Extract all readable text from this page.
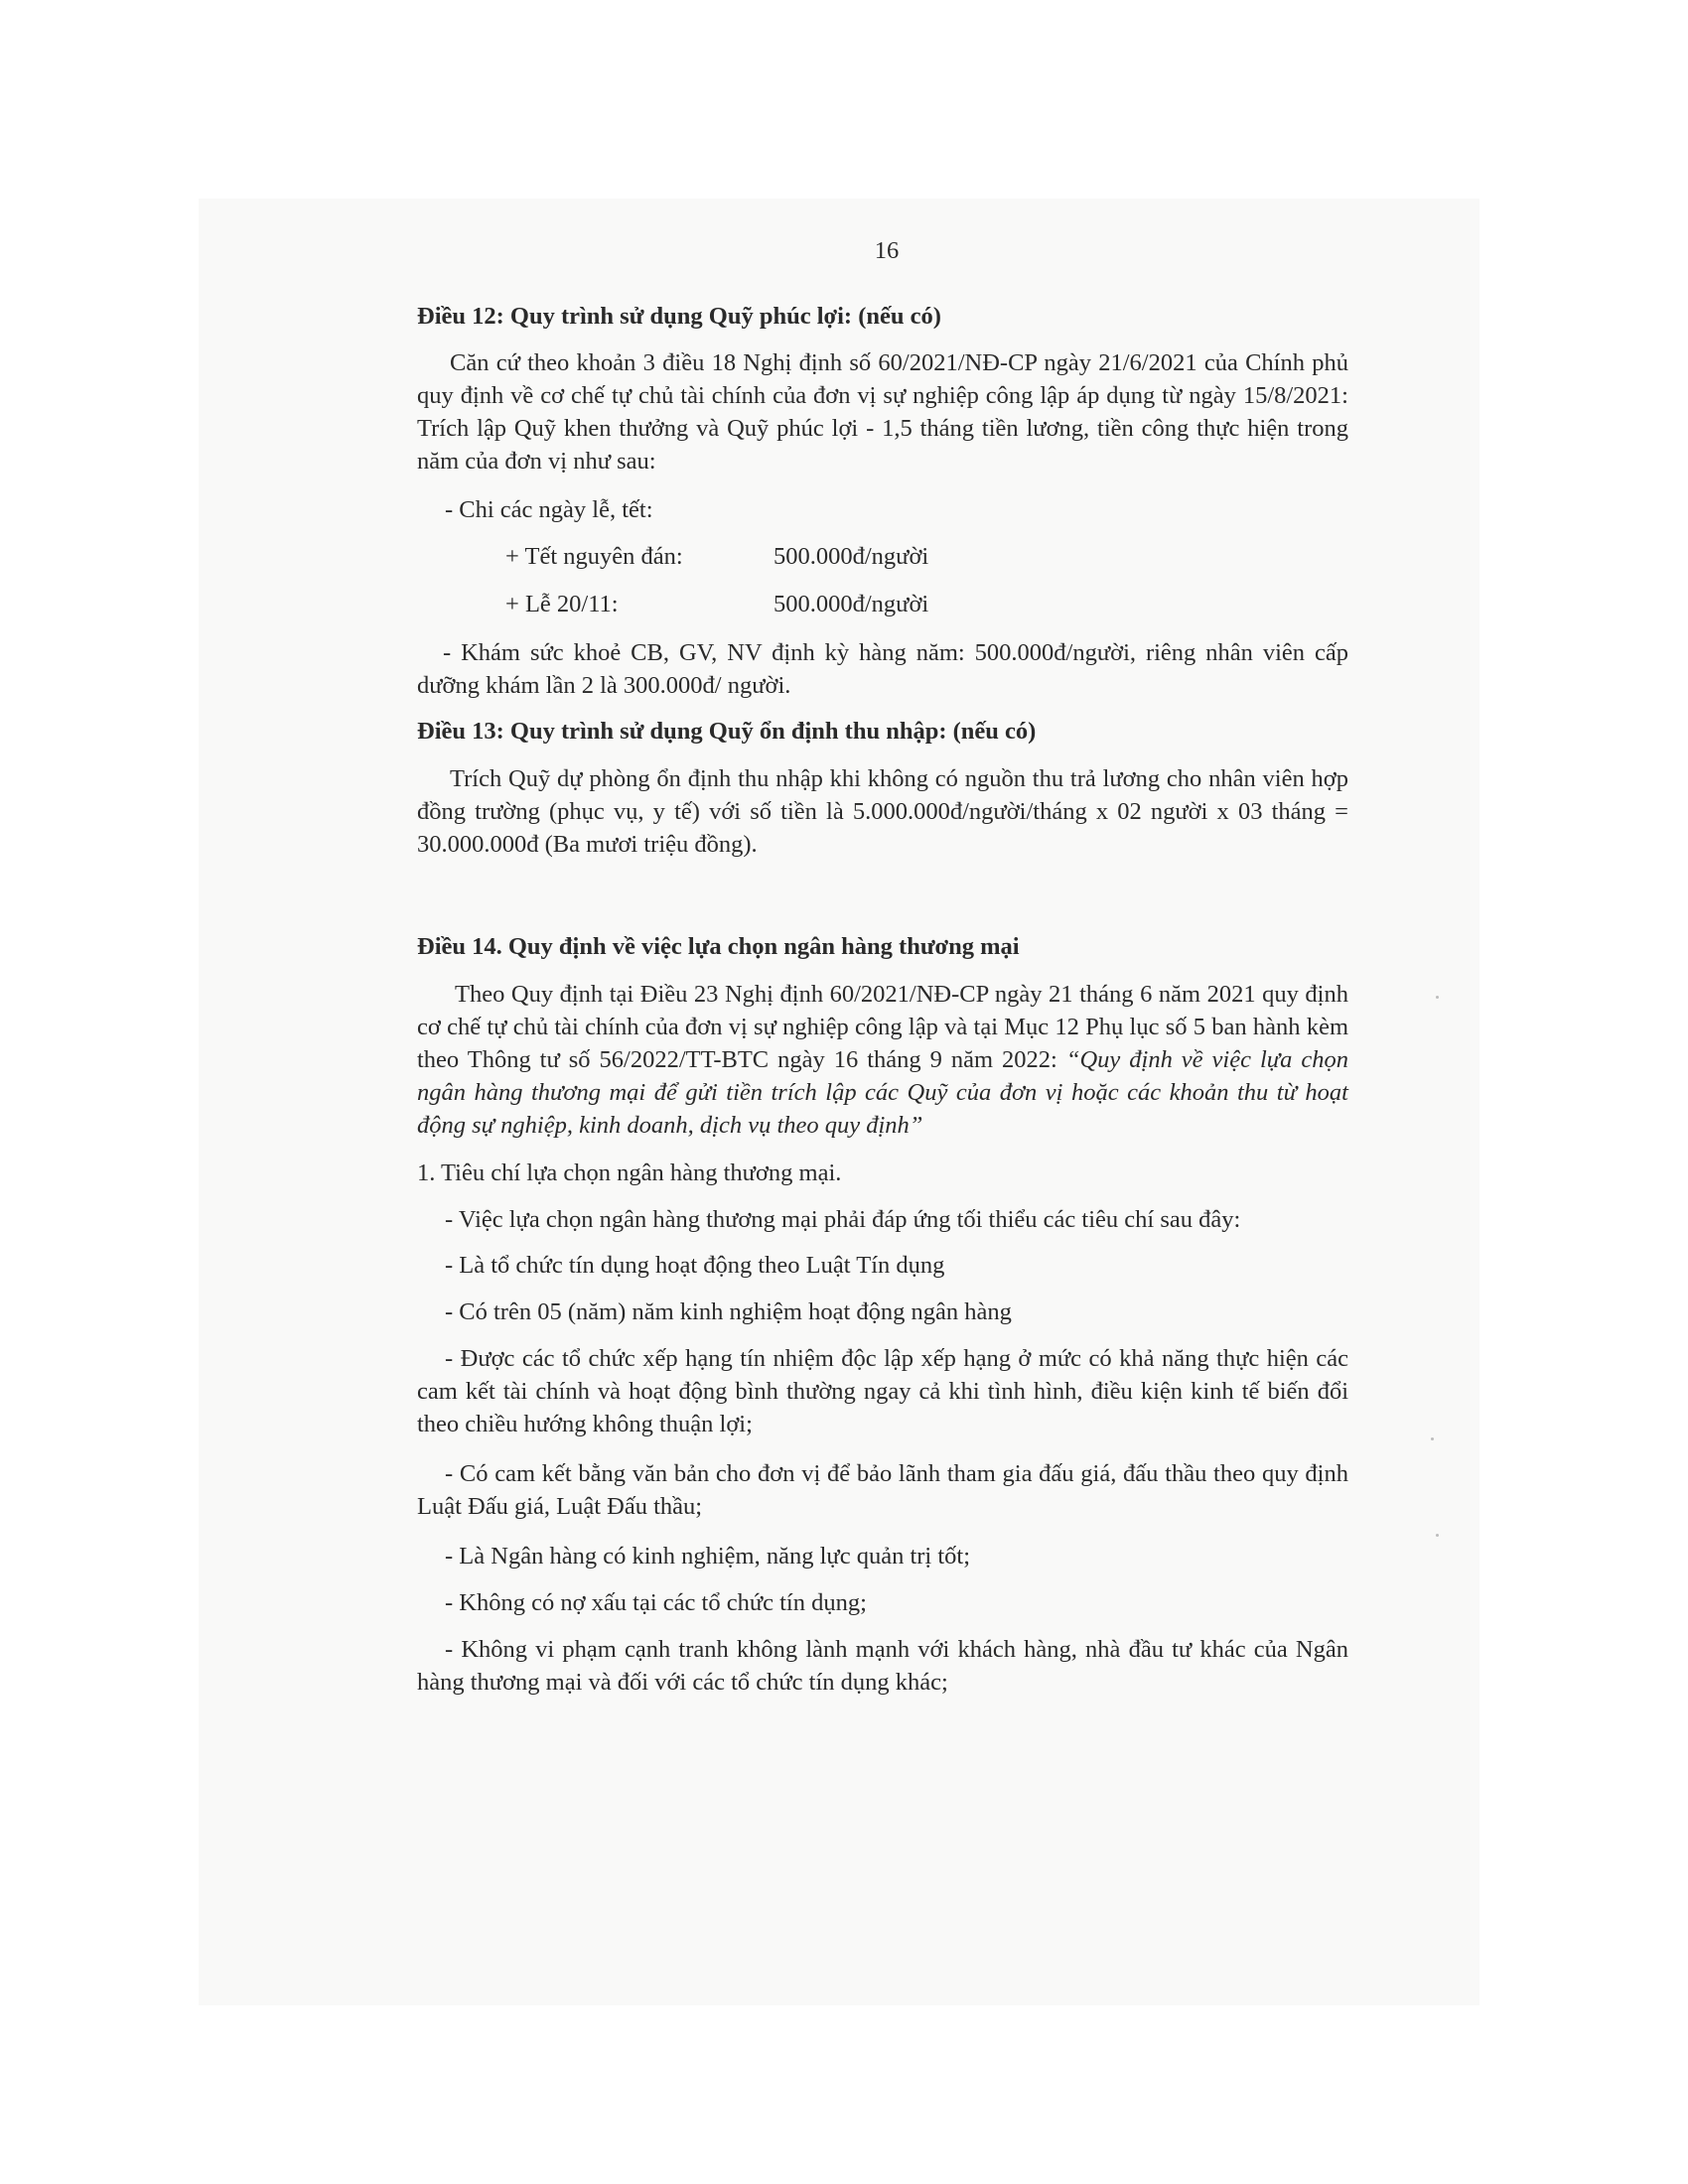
16
Điều 12: Quy trình sử dụng Quỹ phúc lợi: (nếu có)
Căn cứ theo khoản 3 điều 18 Nghị định số 60/2021/NĐ-CP ngày 21/6/2021 của Chính phủ quy định về cơ chế tự chủ tài chính của đơn vị sự nghiệp công lập áp dụng từ ngày 15/8/2021: Trích lập Quỹ khen thưởng và Quỹ phúc lợi - 1,5 tháng tiền lương, tiền công thực hiện trong năm của đơn vị như sau:
- Chi các ngày lễ, tết:
+ Tết nguyên đán:	500.000đ/người
+ Lễ 20/11:	500.000đ/người
- Khám sức khoẻ CB, GV, NV định kỳ hàng năm: 500.000đ/người, riêng nhân viên cấp dưỡng khám lần 2 là 300.000đ/ người.
Điều 13: Quy trình sử dụng Quỹ ổn định thu nhập: (nếu có)
Trích Quỹ dự phòng ổn định thu nhập khi không có nguồn thu trả lương cho nhân viên hợp đồng trường (phục vụ, y tế) với số tiền là 5.000.000đ/người/tháng x 02 người x 03 tháng = 30.000.000đ (Ba mươi triệu đồng).
Điều 14. Quy định về việc lựa chọn ngân hàng thương mại
Theo Quy định tại Điều 23 Nghị định 60/2021/NĐ-CP ngày 21 tháng 6 năm 2021 quy định cơ chế tự chủ tài chính của đơn vị sự nghiệp công lập và tại Mục 12 Phụ lục số 5 ban hành kèm theo Thông tư số 56/2022/TT-BTC ngày 16 tháng 9 năm 2022: “Quy định về việc lựa chọn ngân hàng thương mại để gửi tiền trích lập các Quỹ của đơn vị hoặc các khoản thu từ hoạt động sự nghiệp, kinh doanh, dịch vụ theo quy định”
1. Tiêu chí lựa chọn ngân hàng thương mại.
- Việc lựa chọn ngân hàng thương mại phải đáp ứng tối thiểu các tiêu chí sau đây:
- Là tổ chức tín dụng hoạt động theo Luật Tín dụng
- Có trên 05 (năm) năm kinh nghiệm hoạt động ngân hàng
- Được các tổ chức xếp hạng tín nhiệm độc lập xếp hạng ở mức có khả năng thực hiện các cam kết tài chính và hoạt động bình thường ngay cả khi tình hình, điều kiện kinh tế biến đổi theo chiều hướng không thuận lợi;
- Có cam kết bằng văn bản cho đơn vị để bảo lãnh tham gia đấu giá, đấu thầu theo quy định Luật Đấu giá, Luật Đấu thầu;
- Là Ngân hàng có kinh nghiệm, năng lực quản trị tốt;
- Không có nợ xấu tại các tổ chức tín dụng;
- Không vi phạm cạnh tranh không lành mạnh với khách hàng, nhà đầu tư khác của Ngân hàng thương mại và đối với các tổ chức tín dụng khác;
